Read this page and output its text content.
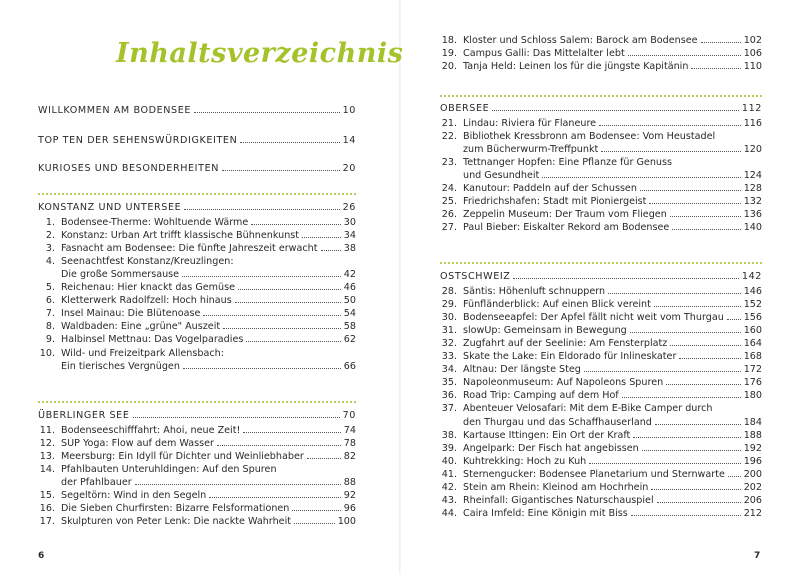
Inhaltsverzeichnis
WILLKOMMEN AM BODENSEE	10
TOP TEN DER SEHENSWÜRDIGKEITEN	14
KURIOSES UND BESONDERHEITEN	20
KONSTANZ UND UNTERSEE	26
1. Bodensee-Therme: Wohltuende Wärme	30
2. Konstanz: Urban Art trifft klassische Bühnenkunst	34
3. Fasnacht am Bodensee: Die fünfte Jahreszeit erwacht	38
4. Seenachtfest Konstanz/Kreuzlingen:
Die große Sommersause	42
5. Reichenau: Hier knackt das Gemüse	46
6. Kletterwerk Radolfzell: Hoch hinaus	50
7. Insel Mainau: Die Blütenoase	54
8. Waldbaden: Eine „grüne" Auszeit	58
9. Halbinsel Mettnau: Das Vogelparadies	62
10. Wild- und Freizeitpark Allensbach:
Ein tierisches Vergnügen	66
ÜBERLINGER SEE	70
11. Bodenseeschifffahrt: Ahoi, neue Zeit!	74
12. SUP Yoga: Flow auf dem Wasser	78
13. Meersburg: Ein Idyll für Dichter und Weinliebhaber	82
14. Pfahlbauten Unteruhldingen: Auf den Spuren
der Pfahlbauer	88
15. Segeltörn: Wind in den Segeln	92
16. Die Sieben Churfirsten: Bizarre Felsformationen	96
17. Skulpturen von Peter Lenk: Die nackte Wahrheit	100
18. Kloster und Schloss Salem: Barock am Bodensee	102
19. Campus Galli: Das Mittelalter lebt	106
20. Tanja Held: Leinen los für die jüngste Kapitänin	110
OBERSEE	112
21. Lindau: Riviera für Flaneure	116
22. Bibliothek Kressbronn am Bodensee: Vom Heustadel
zum Bücherwurm-Treffpunkt	120
23. Tettnanger Hopfen: Eine Pflanze für Genuss
und Gesundheit	124
24. Kanutour: Paddeln auf der Schussen	128
25. Friedrichshafen: Stadt mit Pioniergeist	132
26. Zeppelin Museum: Der Traum vom Fliegen	136
27. Paul Bieber: Eiskalter Rekord am Bodensee	140
OSTSCHWEIZ	142
28. Säntis: Höhenluft schnuppern	146
29. Fünfländerblick: Auf einen Blick vereint	152
30. Bodenseeapfel: Der Apfel fällt nicht weit vom Thurgau 156
31. slowUp: Gemeinsam in Bewegung	160
32. Zugfahrt auf der Seelinie: Am Fensterplatz	164
33. Skate the Lake: Ein Eldorado für Inlineskater	168
34. Altnau: Der längste Steg	172
35. Napoleonmuseum: Auf Napoleons Spuren	176
36. Road Trip: Camping auf dem Hof	180
37. Abenteuer Velosafari: Mit dem E-Bike Camper durch
den Thurgau und das Schaffhauserland	184
38. Kartause Ittingen: Ein Ort der Kraft	188
39. Angelpark: Der Fisch hat angebissen	192
40. Kuhtrekking: Hoch zu Kuh	196
41. Sternengucker: Bodensee Planetarium und Sternwarte 200
42. Stein am Rhein: Kleinod am Hochrhein	202
43. Rheinfall: Gigantisches Naturschauspiel	206
44. Caira Imfeld: Eine Königin mit Biss	212
6	7
